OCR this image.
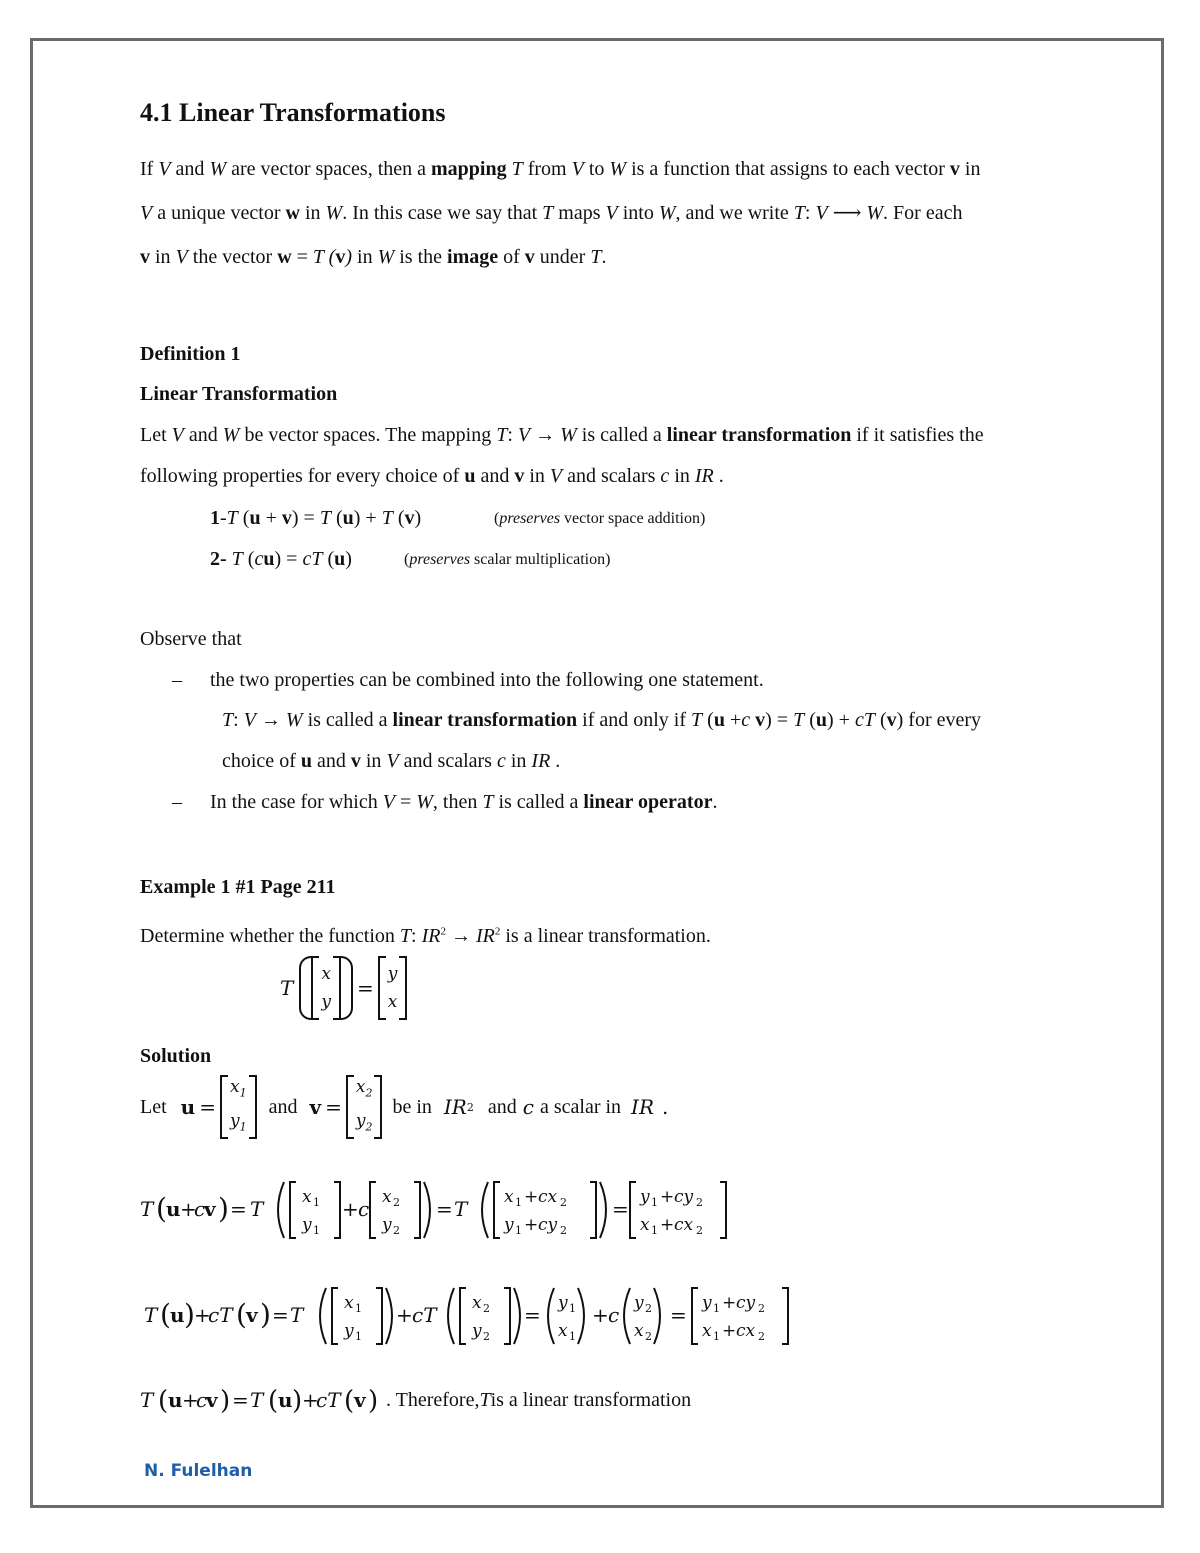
4.1 Linear Transformations
If V and W are vector spaces, then a mapping T from V to W is a function that assigns to each vector v in
V a unique vector w in W. In this case we say that T maps V into W, and we write T: V ⟶ W. For each
v in V the vector w = T (v) in W is the image of v under T.
Definition 1
Linear Transformation
Let V and W be vector spaces. The mapping T: V → W is called a linear transformation if it satisfies the
following properties for every choice of u and v in V and scalars c in IR .
1-T (u + v) = T (u) + T (v)	(preserves vector space addition)
2- T (cu) = cT (u)	(preserves scalar multiplication)
Observe that
– the two properties can be combined into the following one statement.
T: V → W is called a linear transformation if and only if T (u +c v) = T (u) + cT (v) for every
choice of u and v in V and scalars c in IR .
– In the case for which V = W, then T is called a linear operator.
Example 1 #1 Page 211
Determine whether the function T: $IR^2 \to IR^2$ is a linear transformation.
T
x
y
=
y
x
Solution
Let u =
$x_1$
$y_1$
and v =
$x_2$
$y_2$
be in IR 2 and c a scalar in IR .
T ( u +
c
v ) = T x 1
y 1
+ c x 2
y 2
= T x 1 + cx 2
y 1 + cy 2
= y 1 + cy 2
x 1 + cx 2
T ( u ) +
cT ( v ) = T x 1
y 1
+ cT x 2
y 2
= y 1
x 1
+ c y 2
x 2
= y 1 + cy 2
x 1 + cx 2
T ( u +
c
v ) = T ( u ) +
cT ( v ) . Therefore, T is a linear transformation
N. Fulelhan
